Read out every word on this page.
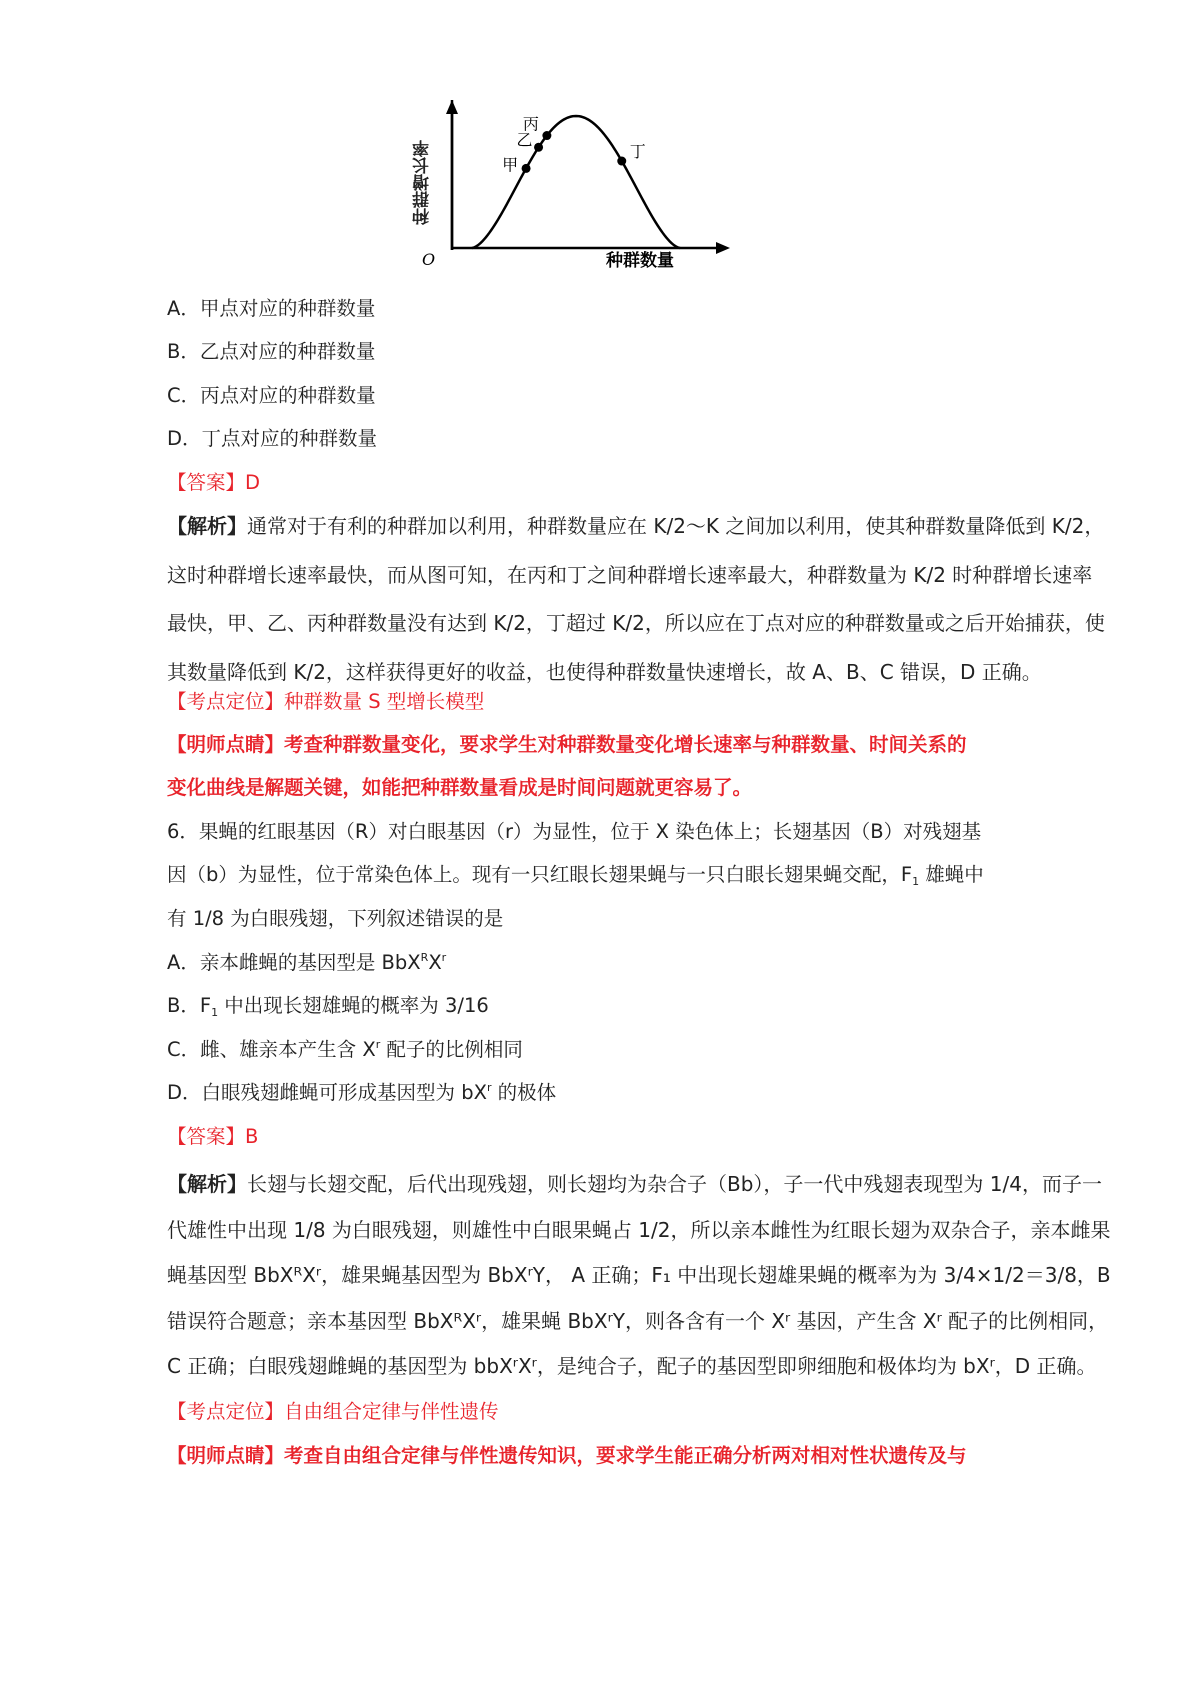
甲
乙
丙
丁
O	种群数量
种群增长率
A．甲点对应的种群数量
B．乙点对应的种群数量
C．丙点对应的种群数量
D．丁点对应的种群数量
【答案】D
【解析】通常对于有利的种群加以利用，种群数量应在 K/2～K 之间加以利用，使其种群数量降低到 K/2，
这时种群增长速率最快，而从图可知，在丙和丁之间种群增长速率最大，种群数量为 K/2 时种群增长速率
最快，甲、乙、丙种群数量没有达到 K/2，丁超过 K/2，所以应在丁点对应的种群数量或之后开始捕获，使
其数量降低到 K/2，这样获得更好的收益，也使得种群数量快速增长，故 A、B、C 错误，D 正确。
【考点定位】种群数量 S 型增长模型
【明师点睛】考查种群数量变化，要求学生对种群数量变化增长速率与种群数量、时间关系的
变化曲线是解题关键，如能把种群数量看成是时间问题就更容易了。
6．果蝇的红眼基因（R）对白眼基因（r）为显性，位于 X 染色体上；长翅基因（B）对残翅基
因（b）为显性，位于常染色体上。现有一只红眼长翅果蝇与一只白眼长翅果蝇交配，$F_1$ 雄蝇中
有 1/8 为白眼残翅，下列叙述错误的是
A．亲本雌蝇的基因型是 $BbX^RX^r$
B．$F_1$ 中出现长翅雄蝇的概率为 3/16
C．雌、雄亲本产生含 $X^r$ 配子的比例相同
D．白眼残翅雌蝇可形成基因型为 $bX^r$ 的极体
【答案】B
【解析】长翅与长翅交配，后代出现残翅，则长翅均为杂合子（Bb），子一代中残翅表现型为 1/4，而子一
代雄性中出现 1/8 为白眼残翅，则雄性中白眼果蝇占 1/2，所以亲本雌性为红眼长翅为双杂合子，亲本雌果
蝇基因型 BbXᴿXʳ，雄果蝇基因型为 BbXʳY， A 正确；F₁ 中出现长翅雄果蝇的概率为为 3/4×1/2＝3/8，B
错误符合题意；亲本基因型 BbXᴿXʳ，雄果蝇 BbXʳY，则各含有一个 Xʳ 基因，产生含 Xʳ 配子的比例相同，
C 正确；白眼残翅雌蝇的基因型为 bbXʳXʳ，是纯合子，配子的基因型即卵细胞和极体均为 bXʳ，D 正确。
【考点定位】自由组合定律与伴性遗传
【明师点睛】考查自由组合定律与伴性遗传知识，要求学生能正确分析两对相对性状遗传及与
